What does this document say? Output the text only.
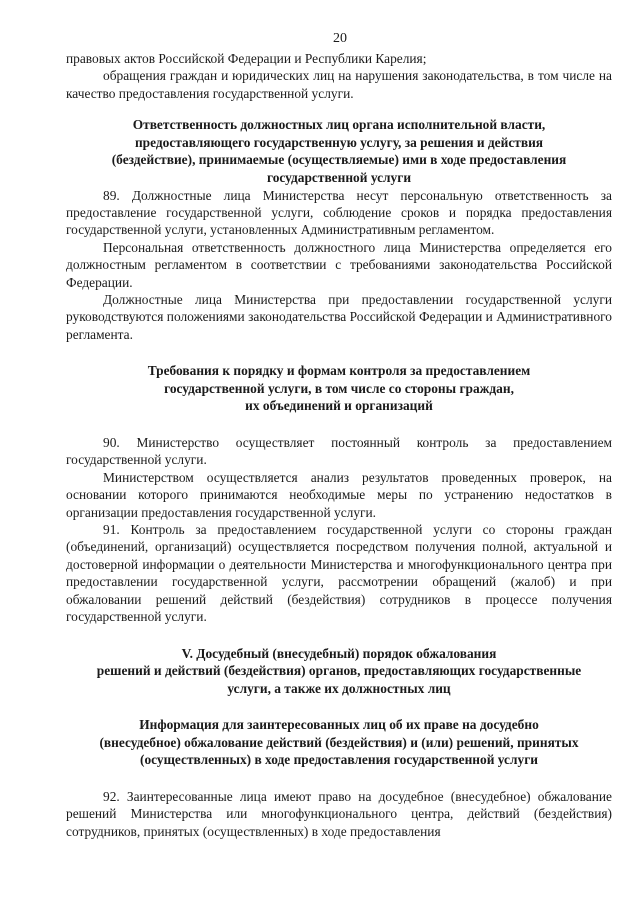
20

правовых актов Российской Федерации и Республики Карелия;

обращения граждан и юридических лиц на нарушения законодательства, в том числе на качество предоставления государственной услуги.

Ответственность должностных лиц органа исполнительной власти,
предоставляющего государственную услугу, за решения и действия
(бездействие), принимаемые (осуществляемые) ими в ходе предоставления
государственной услуги

89. Должностные лица Министерства несут персональную ответственность за предоставление государственной услуги, соблюдение сроков и порядка предоставления государственной услуги, установленных Административным регламентом.

Персональная ответственность должностного лица Министерства определяется его должностным регламентом в соответствии с требованиями законодательства Российской Федерации.

Должностные лица Министерства при предоставлении государственной услуги руководствуются положениями законодательства Российской Федерации и Административного регламента.

Требования к порядку и формам контроля за предоставлением
государственной услуги, в том числе со стороны граждан,
их объединений и организаций

90. Министерство осуществляет постоянный контроль за предоставлением государственной услуги.

Министерством осуществляется анализ результатов проведенных проверок, на основании которого принимаются необходимые меры по устранению недостатков в организации предоставления государственной услуги.

91. Контроль за предоставлением государственной услуги со стороны граждан (объединений, организаций) осуществляется посредством получения полной, актуальной и достоверной информации о деятельности Министерства и многофункционального центра при предоставлении государственной услуги, рассмотрении обращений (жалоб) и при обжаловании решений действий (бездействия) сотрудников в процессе получения государственной услуги.

V. Досудебный (внесудебный) порядок обжалования
решений и действий (бездействия) органов, предоставляющих государственные
услуги, а также их должностных лиц
Информация для заинтересованных лиц об их праве на досудебно
(внесудебное) обжалование действий (бездействия) и (или) решений, принятых
(осуществленных) в ходе предоставления государственной услуги

92. Заинтересованные лица имеют право на досудебное (внесудебное) обжалование решений Министерства или многофункционального центра, действий (бездействия) сотрудников, принятых (осуществленных) в ходе предоставления
